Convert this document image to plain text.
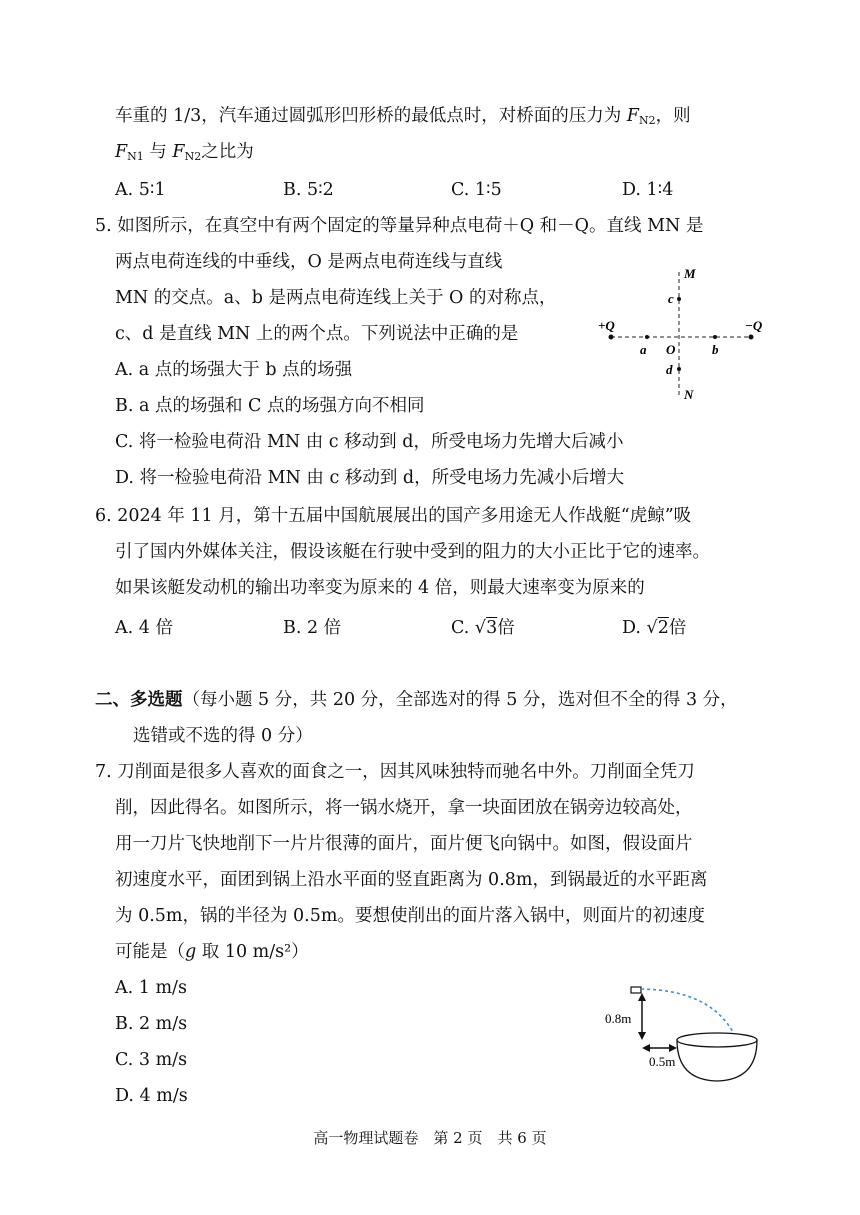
车重的 1/3，汽车通过圆弧形凹形桥的最低点时，对桥面的压力为 $F_{N2}$，则
$F_{N1}$ 与 $F_{N2}$之比为
A. 5∶1	B. 5∶2	C. 1∶5	D. 1∶4
5. 如图所示，在真空中有两个固定的等量异种点电荷＋Q 和－Q。直线 MN 是
两点电荷连线的中垂线，O 是两点电荷连线与直线
MN 的交点。a、b 是两点电荷连线上关于 O 的对称点，
c、d 是直线 MN 上的两个点。下列说法中正确的是
A. a 点的场强大于 b 点的场强
B. a 点的场强和 C 点的场强方向不相同
C. 将一检验电荷沿 MN 由 c 移动到 d，所受电场力先增大后减小
D. 将一检验电荷沿 MN 由 c 移动到 d，所受电场力先减小后增大
M
N
+Q	−Q
a	b
O
c
d
6. 2024 年 11 月，第十五届中国航展展出的国产多用途无人作战艇“虎鲸”吸
引了国内外媒体关注，假设该艇在行驶中受到的阻力的大小正比于它的速率。
如果该艇发动机的输出功率变为原来的 4 倍，则最大速率变为原来的
A. 4 倍	B. 2 倍	C. √3倍	D. √2倍
二、多选题（每小题 5 分，共 20 分，全部选对的得 5 分，选对但不全的得 3 分，
选错或不选的得 0 分）
7. 刀削面是很多人喜欢的面食之一，因其风味独特而驰名中外。刀削面全凭刀
削，因此得名。如图所示，将一锅水烧开，拿一块面团放在锅旁边较高处，
用一刀片飞快地削下一片片很薄的面片，面片便飞向锅中。如图，假设面片
初速度水平，面团到锅上沿水平面的竖直距离为 0.8m，到锅最近的水平距离
为 0.5m，锅的半径为 0.5m。要想使削出的面片落入锅中，则面片的初速度
可能是（g 取 10 m/s²）
A. 1 m/s
B. 2 m/s
C. 3 m/s
D. 4 m/s
0.8m
0.5m
高一物理试题卷　第 2 页　共 6 页
